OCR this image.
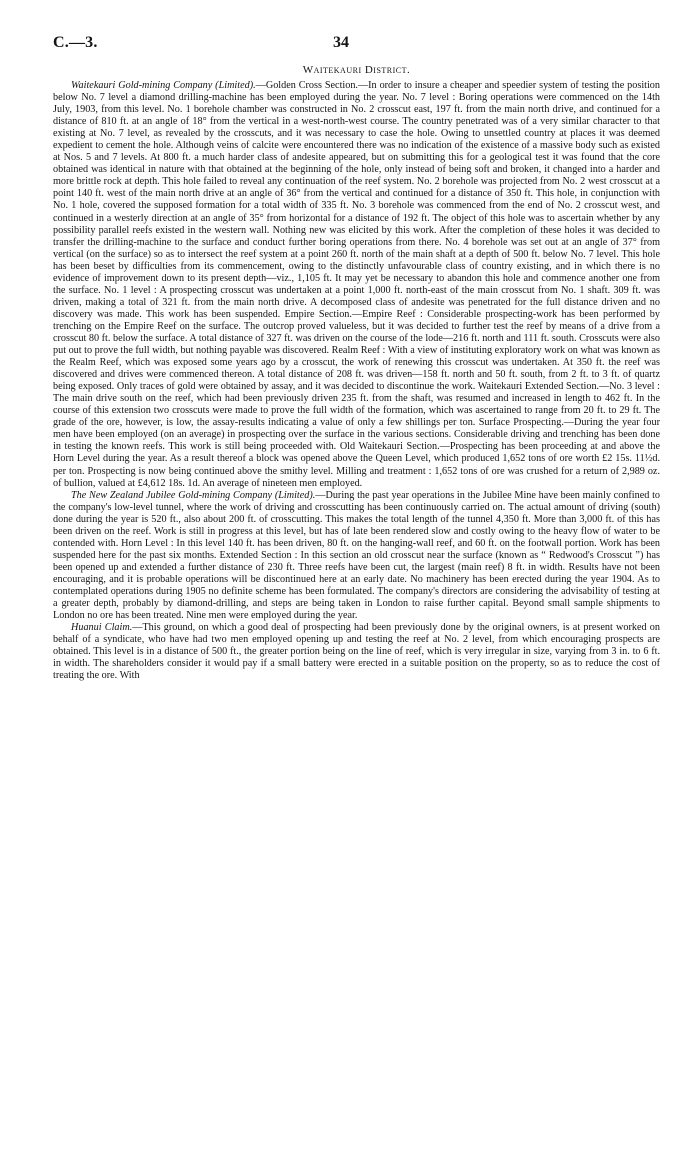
C.—3.	34
Waitekauri District.

Waitekauri Gold-mining Company (Limited).—Golden Cross Section.—In order to insure a cheaper and speedier system of testing the position below No. 7 level a diamond drilling-machine has been employed during the year. No. 7 level : Boring operations were commenced on the 14th July, 1903, from this level. No. 1 borehole chamber was constructed in No. 2 crosscut east, 197 ft. from the main north drive, and continued for a distance of 810 ft. at an angle of 18° from the vertical in a west-north-west course. The country penetrated was of a very similar character to that existing at No. 7 level, as revealed by the crosscuts, and it was necessary to case the hole. Owing to unsettled country at places it was deemed expedient to cement the hole. Although veins of calcite were encountered there was no indication of the existence of a massive body such as existed at Nos. 5 and 7 levels. At 800 ft. a much harder class of andesite appeared, but on submitting this for a geological test it was found that the core obtained was identical in nature with that obtained at the beginning of the hole, only instead of being soft and broken, it changed into a harder and more brittle rock at depth. This hole failed to reveal any continuation of the reef system. No. 2 borehole was projected from No. 2 west crosscut at a point 140 ft. west of the main north drive at an angle of 36° from the vertical and continued for a distance of 350 ft. This hole, in conjunction with No. 1 hole, covered the supposed formation for a total width of 335 ft. No. 3 borehole was commenced from the end of No. 2 crosscut west, and continued in a westerly direction at an angle of 35° from horizontal for a distance of 192 ft. The object of this hole was to ascertain whether by any possibility parallel reefs existed in the western wall. Nothing new was elicited by this work. After the completion of these holes it was decided to transfer the drilling-machine to the surface and conduct further boring operations from there. No. 4 borehole was set out at an angle of 37° from vertical (on the surface) so as to intersect the reef system at a point 260 ft. north of the main shaft at a depth of 500 ft. below No. 7 level. This hole has been beset by difficulties from its commencement, owing to the distinctly unfavourable class of country existing, and in which there is no evidence of improvement down to its present depth—viz., 1,105 ft. It may yet be necessary to abandon this hole and commence another one from the surface. No. 1 level : A prospecting crosscut was undertaken at a point 1,000 ft. north-east of the main crosscut from No. 1 shaft. 309 ft. was driven, making a total of 321 ft. from the main north drive. A decomposed class of andesite was penetrated for the full distance driven and no discovery was made. This work has been suspended. Empire Section.—Empire Reef : Considerable prospecting-work has been performed by trenching on the Empire Reef on the surface. The outcrop proved valueless, but it was decided to further test the reef by means of a drive from a crosscut 80 ft. below the surface. A total distance of 327 ft. was driven on the course of the lode—216 ft. north and 111 ft. south. Crosscuts were also put out to prove the full width, but nothing payable was discovered. Realm Reef : With a view of instituting exploratory work on what was known as the Realm Reef, which was exposed some years ago by a crosscut, the work of renewing this crosscut was undertaken. At 350 ft. the reef was discovered and drives were commenced thereon. A total distance of 208 ft. was driven—158 ft. north and 50 ft. south, from 2 ft. to 3 ft. of quartz being exposed. Only traces of gold were obtained by assay, and it was decided to discontinue the work. Waitekauri Extended Section.—No. 3 level : The main drive south on the reef, which had been previously driven 235 ft. from the shaft, was resumed and increased in length to 462 ft. In the course of this extension two crosscuts were made to prove the full width of the formation, which was ascertained to range from 20 ft. to 29 ft. The grade of the ore, however, is low, the assay-results indicating a value of only a few shillings per ton. Surface Prospecting.—During the year four men have been employed (on an average) in prospecting over the surface in the various sections. Considerable driving and trenching has been done in testing the known reefs. This work is still being proceeded with. Old Waitekauri Section.—Prospecting has been proceeding at and above the Horn Level during the year. As a result thereof a block was opened above the Queen Level, which produced 1,652 tons of ore worth £2 15s. 11½d. per ton. Prospecting is now being continued above the smithy level. Milling and treatment : 1,652 tons of ore was crushed for a return of 2,989 oz. of bullion, valued at £4,612 18s. 1d. An average of nineteen men employed.

The New Zealand Jubilee Gold-mining Company (Limited).—During the past year operations in the Jubilee Mine have been mainly confined to the company's low-level tunnel, where the work of driving and crosscutting has been continuously carried on. The actual amount of driving (south) done during the year is 520 ft., also about 200 ft. of crosscutting. This makes the total length of the tunnel 4,350 ft. More than 3,000 ft. of this has been driven on the reef. Work is still in progress at this level, but has of late been rendered slow and costly owing to the heavy flow of water to be contended with. Horn Level : In this level 140 ft. has been driven, 80 ft. on the hanging-wall reef, and 60 ft. on the footwall portion. Work has been suspended here for the past six months. Extended Section : In this section an old crosscut near the surface (known as “ Redwood's Crosscut ”) has been opened up and extended a further distance of 230 ft. Three reefs have been cut, the largest (main reef) 8 ft. in width. Results have not been encouraging, and it is probable operations will be discontinued here at an early date. No machinery has been erected during the year 1904. As to contemplated operations during 1905 no definite scheme has been formulated. The company's directors are considering the advisability of testing at a greater depth, probably by diamond-drilling, and steps are being taken in London to raise further capital. Beyond small sample shipments to London no ore has been treated. Nine men were employed during the year.

Huanui Claim.—This ground, on which a good deal of prospecting had been previously done by the original owners, is at present worked on behalf of a syndicate, who have had two men employed opening up and testing the reef at No. 2 level, from which encouraging prospects are obtained. This level is in a distance of 500 ft., the greater portion being on the line of reef, which is very irregular in size, varying from 3 in. to 6 ft. in width. The shareholders consider it would pay if a small battery were erected in a suitable position on the property, so as to reduce the cost of treating the ore. With
